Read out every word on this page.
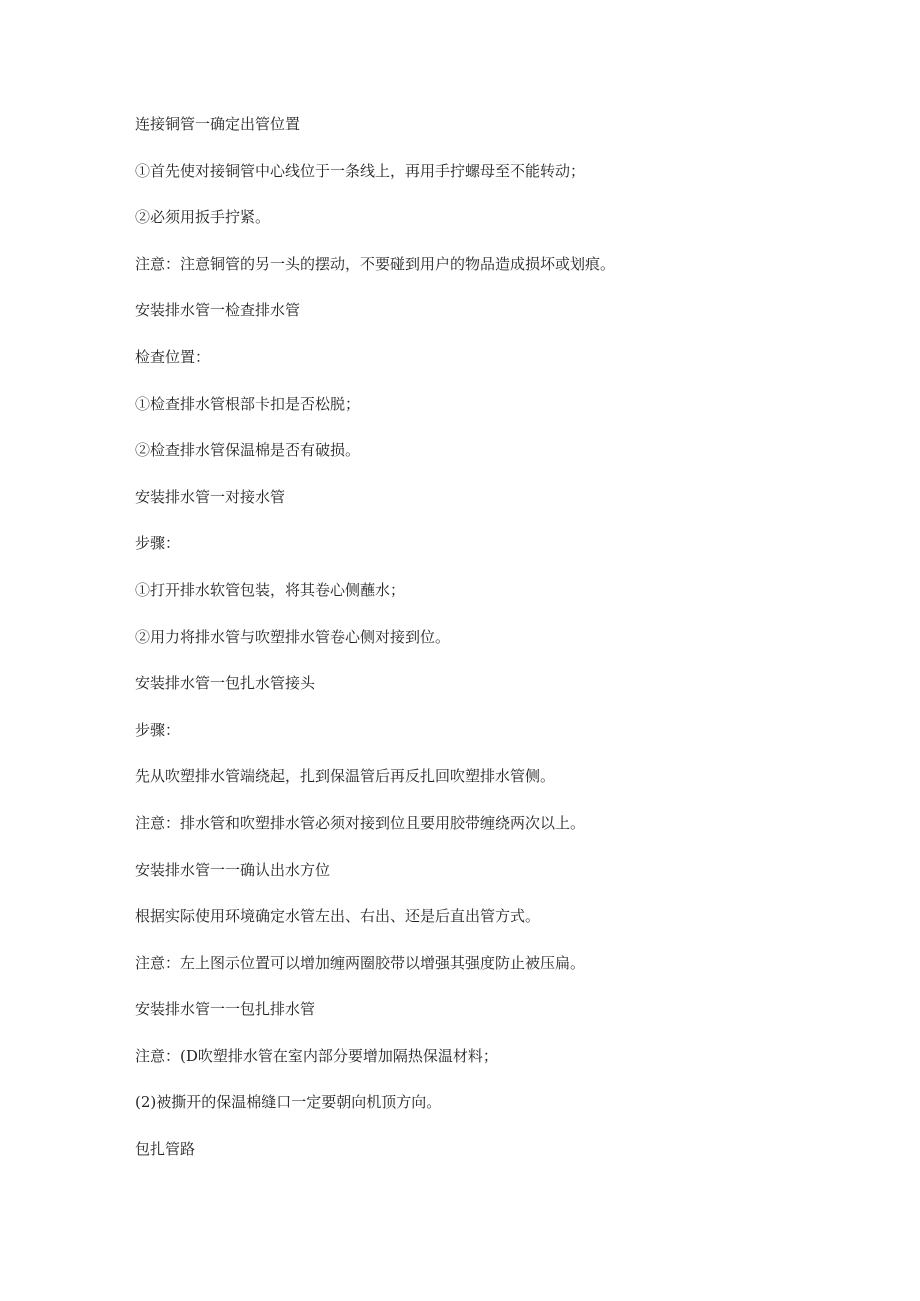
连接铜管一确定出管位置

①首先使对接铜管中心线位于一条线上，再用手拧螺母至不能转动；

②必须用扳手拧紧。

注意：注意铜管的另一头的摆动，不要碰到用户的物品造成损坏或划痕。

安装排水管一检查排水管

检查位置：

①检查排水管根部卡扣是否松脱；

②检查排水管保温棉是否有破损。

安装排水管一对接水管

步骤：

①打开排水软管包装，将其卷心侧蘸水；

②用力将排水管与吹塑排水管卷心侧对接到位。

安装排水管一包扎水管接头

步骤：

先从吹塑排水管端绕起，扎到保温管后再反扎回吹塑排水管侧。

注意：排水管和吹塑排水管必须对接到位且要用胶带缠绕两次以上。

安装排水管一一确认出水方位

根据实际使用环境确定水管左出、右出、还是后直出管方式。

注意：左上图示位置可以增加缠两圈胶带以增强其强度防止被压扁。

安装排水管一一包扎排水管

注意：(D吹塑排水管在室内部分要增加隔热保温材料；

(2)被撕开的保温棉缝口一定要朝向机顶方向。

包扎管路
